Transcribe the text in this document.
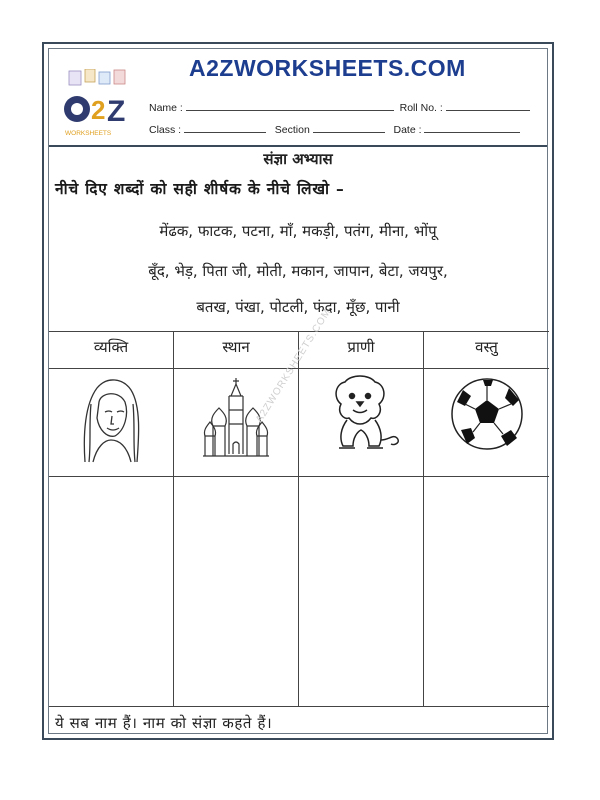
2 Z
WORKSHEETS
A2ZWORKSHEETS.COM
Name :	Roll No. :
Class :	Section	Date :
संज्ञा अभ्यास
नीचे दिए शब्दों को सही शीर्षक के नीचे लिखो –
मेंढक, फाटक, पटना, माँ, मकड़ी, पतंग, मीना, भोंपू
बूँद, भेड़, पिता जी, मोती, मकान, जापान, बेटा, जयपुर,
बतख, पंखा, पोटली, फंदा, मूँछ, पानी
व्यक्ति	स्थान	प्राणी	वस्तु
A2ZWORKSHEETS.COM
ये सब नाम हैं। नाम को संज्ञा कहते हैं।
